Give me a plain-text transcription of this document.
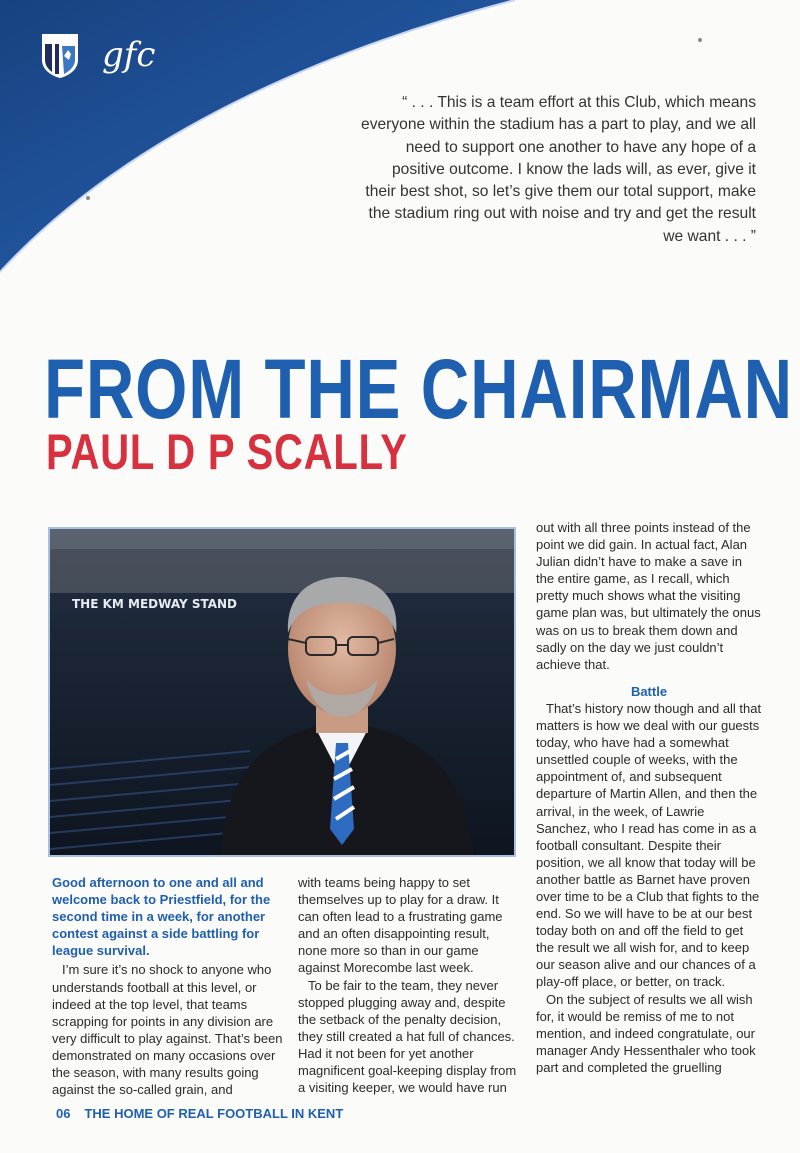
gfc
“ . . . This is a team effort at this Club, which means everyone within the stadium has a part to play, and we all need to support one another to have any hope of a positive outcome. I know the lads will, as ever, give it their best shot, so let’s give them our total support, make the stadium ring out with noise and try and get the result we want . . . ”
FROM THE CHAIRMAN
PAUL D P SCALLY
THE KM MEDWAY STAND

Good afternoon to one and all and welcome back to Priestfield, for the second time in a week, for another contest against a side battling for league survival.

I’m sure it’s no shock to anyone who understands football at this level, or indeed at the top level, that teams scrapping for points in any division are very difficult to play against. That’s been demonstrated on many occasions over the season, with many results going against the so-called grain, and

with teams being happy to set themselves up to play for a draw. It can often lead to a frustrating game and an often disappointing result, none more so than in our game against Morecombe last week.

To be fair to the team, they never stopped plugging away and, despite the setback of the penalty decision, they still created a hat full of chances. Had it not been for yet another magnificent goal-keeping display from a visiting keeper, we would have run

out with all three points instead of the point we did gain. In actual fact, Alan Julian didn’t have to make a save in the entire game, as I recall, which pretty much shows what the visiting game plan was, but ultimately the onus was on us to break them down and sadly on the day we just couldn’t achieve that.

Battle

That’s history now though and all that matters is how we deal with our guests today, who have had a somewhat unsettled couple of weeks, with the appointment of, and subsequent departure of Martin Allen, and then the arrival, in the week, of Lawrie Sanchez, who I read has come in as a football consultant. Despite their position, we all know that today will be another battle as Barnet have proven over time to be a Club that fights to the end. So we will have to be at our best today both on and off the field to get the result we all wish for, and to keep our season alive and our chances of a play-off place, or better, on track.

On the subject of results we all wish for, it would be remiss of me to not mention, and indeed congratulate, our manager Andy Hessenthaler who took part and completed the gruelling

06 THE HOME OF REAL FOOTBALL IN KENT
